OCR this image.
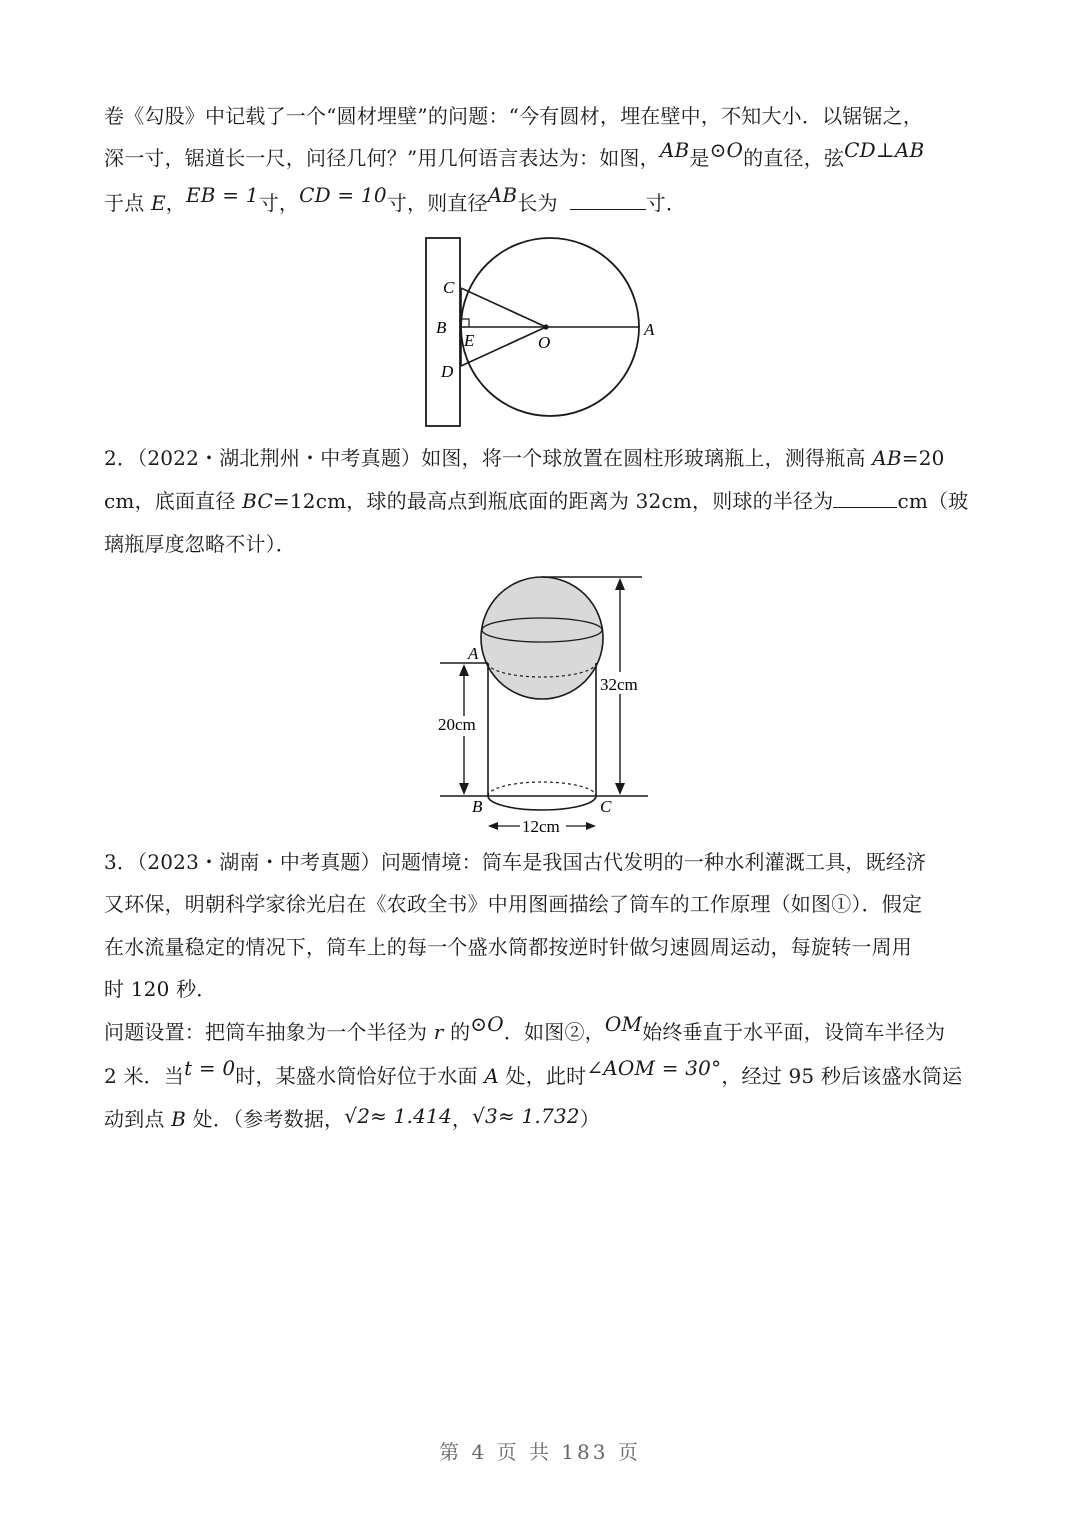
卷《勾股》中记载了一个“圆材埋壁”的问题：“今有圆材，埋在壁中，不知大小．以锯锯之，
深一寸，锯道长一尺，问径几何？”用几何语言表达为：如图，AB是⊙O的直径，弦CD⊥AB
于点 E，EB = 1寸，CD = 10寸，则直径AB长为	寸．
C
B
E	O
A
D
2．（2022・湖北荆州・中考真题）如图，将一个球放置在圆柱形玻璃瓶上，测得瓶高 AB=20
cm，底面直径 BC=12cm，球的最高点到瓶底面的距离为 32cm，则球的半径为	cm（玻
璃瓶厚度忽略不计）．
20cm
32cm
12cm
A
B	C
3．（2023・湖南・中考真题）问题情境：筒车是我国古代发明的一种水利灌溉工具，既经济
又环保，明朝科学家徐光启在《农政全书》中用图画描绘了筒车的工作原理（如图①）．假定
在水流量稳定的情况下，筒车上的每一个盛水筒都按逆时针做匀速圆周运动，每旋转一周用
时 120 秒．
问题设置：把筒车抽象为一个半径为 r 的⊙O．如图②，OM始终垂直于水平面，设筒车半径为
2 米．当t = 0时，某盛水筒恰好位于水面 A 处，此时∠AOM = 30°，经过 95 秒后该盛水筒运
动到点 B 处．（参考数据，√2≈ 1.414，√3≈ 1.732）
第 4 页 共 183 页
